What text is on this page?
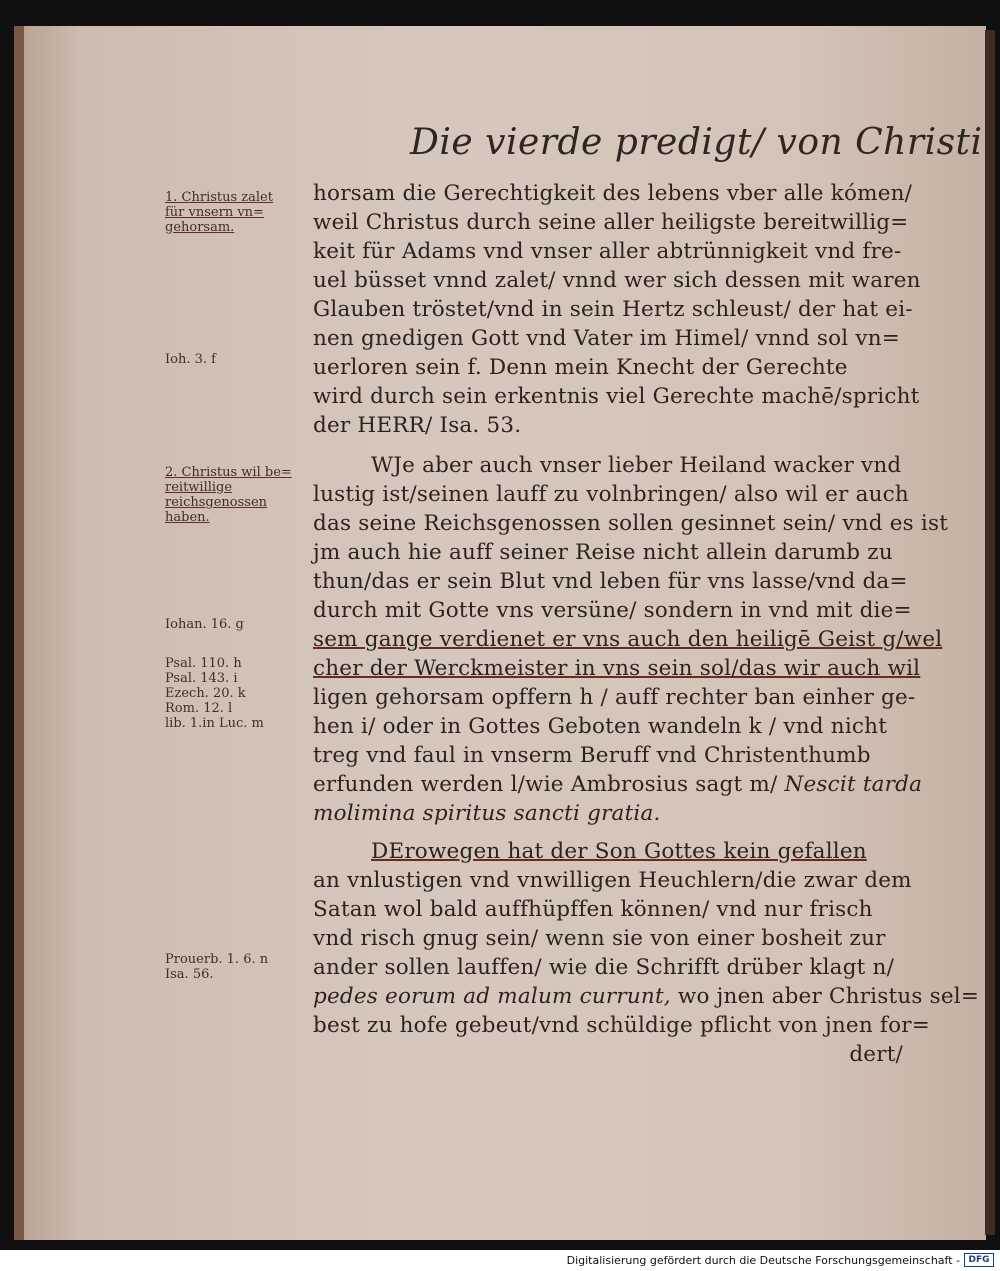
Die vierde predigt/ von Christi
1. Christus zalet
für vnsern vn=
gehorsam.
Ioh. 3. f
2. Christus wil be=
reitwillige
reichsgenossen
haben.
Iohan. 16. g
Psal. 110. h
Psal. 143. i
Ezech. 20. k
Rom. 12. l
lib. 1.in Luc. m
Prouerb. 1. 6. n
Isa. 56.
horsam die Gerechtigkeit des lebens vber alle kómen/
weil Christus durch seine aller heiligste bereitwillig=
keit für Adams vnd vnser aller abtrünnigkeit vnd fre-
uel büsset vnnd zalet/ vnnd wer sich dessen mit waren
Glauben tröstet/vnd in sein Hertz schleust/ der hat ei-
nen gnedigen Gott vnd Vater im Himel/ vnnd sol vn=
uerloren sein f. Denn mein Knecht der Gerechte
wird durch sein erkentnis viel Gerechte machē/spricht
der HERR/ Isa. 53.
WJe aber auch vnser lieber Heiland wacker vnd
lustig ist/seinen lauff zu volnbringen/ also wil er auch
das seine Reichsgenossen sollen gesinnet sein/ vnd es ist
jm auch hie auff seiner Reise nicht allein darumb zu
thun/das er sein Blut vnd leben für vns lasse/vnd da=
durch mit Gotte vns versüne/ sondern in vnd mit die=
sem gange verdienet er vns auch den heiligē Geist g/wel
cher der Werckmeister in vns sein sol/das wir auch wil
ligen gehorsam opffern h / auff rechter ban einher ge-
hen i/ oder in Gottes Geboten wandeln k / vnd nicht
treg vnd faul in vnserm Beruff vnd Christenthumb
erfunden werden l/wie Ambrosius sagt m/ Nescit tarda
molimina spiritus sancti gratia.
DErowegen hat der Son Gottes kein gefallen
an vnlustigen vnd vnwilligen Heuchlern/die zwar dem
Satan wol bald auffhüpffen können/ vnd nur frisch
vnd risch gnug sein/ wenn sie von einer bosheit zur
ander sollen lauffen/ wie die Schrifft drüber klagt n/
pedes eorum ad malum currunt, wo jnen aber Christus sel=
best zu hofe gebeut/vnd schüldige pflicht von jnen for=
dert/
Digitalisierung gefördert durch die Deutsche Forschungsgemeinschaft - DFG
